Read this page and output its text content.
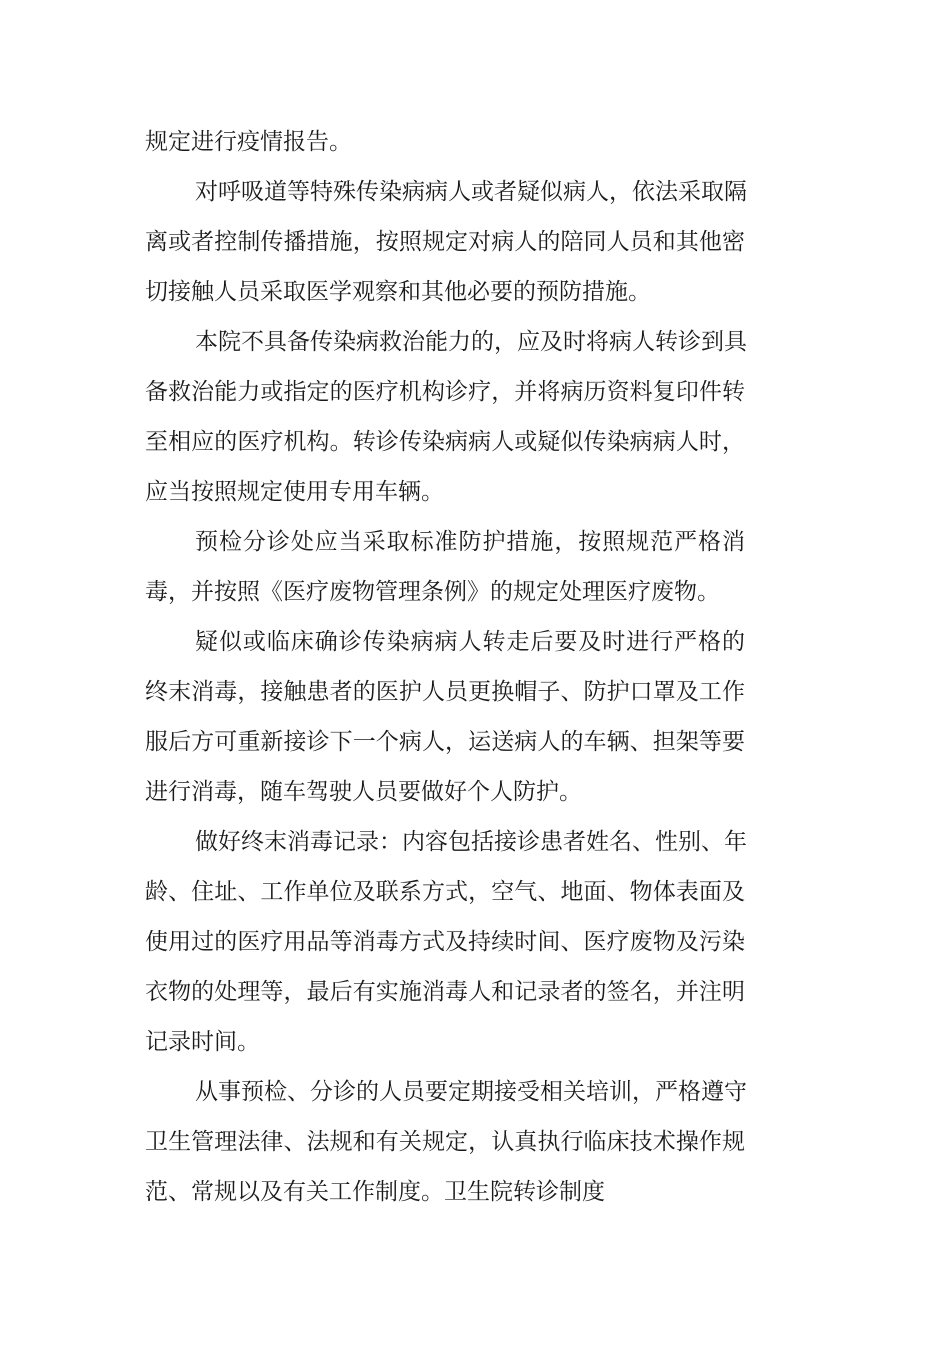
规定进行疫情报告。

对呼吸道等特殊传染病病人或者疑似病人，依法采取隔
离或者控制传播措施，按照规定对病人的陪同人员和其他密
切接触人员采取医学观察和其他必要的预防措施。

本院不具备传染病救治能力的，应及时将病人转诊到具
备救治能力或指定的医疗机构诊疗，并将病历资料复印件转
至相应的医疗机构。转诊传染病病人或疑似传染病病人时，
应当按照规定使用专用车辆。

预检分诊处应当采取标准防护措施，按照规范严格消
毒，并按照《医疗废物管理条例》的规定处理医疗废物。

疑似或临床确诊传染病病人转走后要及时进行严格的
终末消毒，接触患者的医护人员更换帽子、防护口罩及工作
服后方可重新接诊下一个病人，运送病人的车辆、担架等要
进行消毒，随车驾驶人员要做好个人防护。

做好终末消毒记录：内容包括接诊患者姓名、性别、年
龄、住址、工作单位及联系方式，空气、地面、物体表面及
使用过的医疗用品等消毒方式及持续时间、医疗废物及污染
衣物的处理等，最后有实施消毒人和记录者的签名，并注明
记录时间。

从事预检、分诊的人员要定期接受相关培训，严格遵守
卫生管理法律、法规和有关规定，认真执行临床技术操作规
范、常规以及有关工作制度。卫生院转诊制度
